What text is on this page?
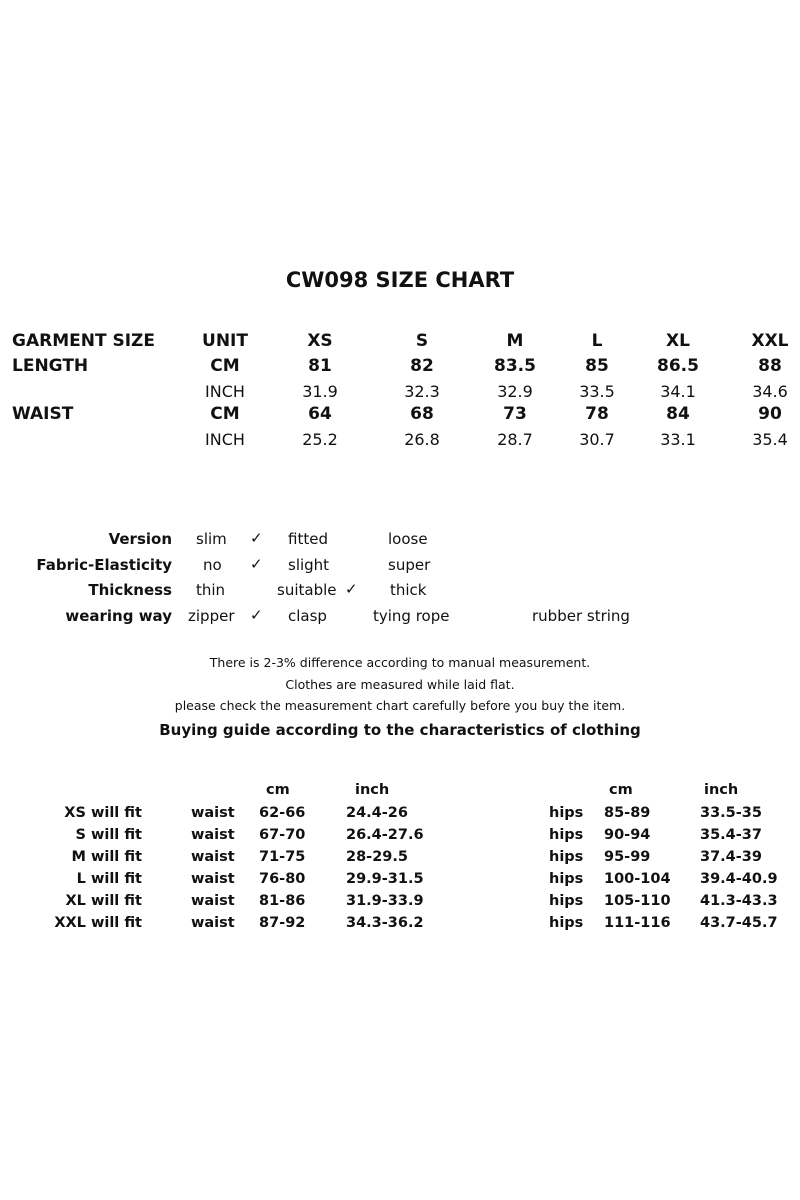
CW098 SIZE CHART
GARMENT SIZE	UNIT	XS	S	M	L	XL	XXL
LENGTH	CM	81	82	83.5	85	86.5	88
INCH	31.9	32.3	32.9	33.5	34.1	34.6
WAIST	CM	64	68	73	78	84	90
INCH	25.2	26.8	28.7	30.7	33.1	35.4
Version slim ✓ fitted	loose
Fabric-Elasticity no ✓ slight	super
Thickness thin	suitable ✓ thick
wearing way zipper ✓ clasp	tying rope	rubber string
There is 2-3% difference according to manual measurement.
Clothes are measured while laid flat.
please check the measurement chart carefully before you buy the item.
Buying guide according to the characteristics of clothing
cm	inch	cm	inch
XS will fit	waist 62-66	24.4-26	hips 85-89	33.5-35
S will fit	waist 67-70	26.4-27.6	hips 90-94	35.4-37
M will fit	waist 71-75	28-29.5	hips 95-99	37.4-39
L will fit	waist 76-80	29.9-31.5	hips 100-104 39.4-40.9
XL will fit	waist 81-86	31.9-33.9	hips 105-110 41.3-43.3
XXL will fit	waist 87-92	34.3-36.2	hips 111-116 43.7-45.7
